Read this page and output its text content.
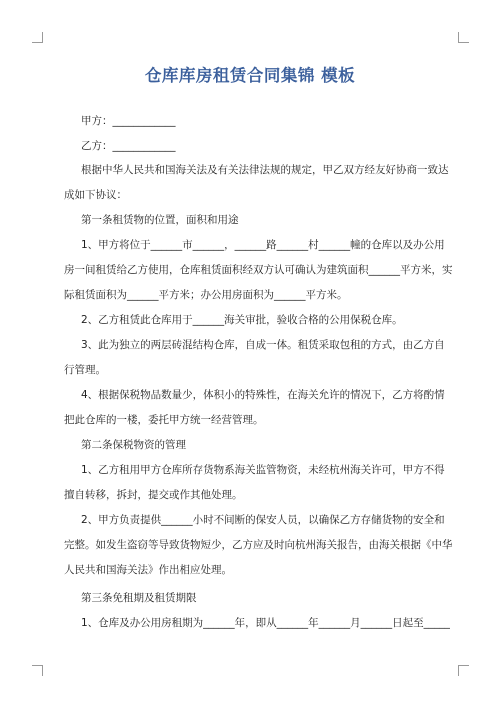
仓库库房租赁合同集锦 模板
甲方：____________
乙方：____________
根据中华人民共和国海关法及有关法律法规的规定，甲乙双方经友好协商一致达
成如下协议：
第一条租赁物的位置，面积和用途
1、甲方将位于______市______，______路______村______幢的仓库以及办公用
房一间租赁给乙方使用，仓库租赁面积经双方认可确认为建筑面积______平方米，实
际租赁面积为______平方米；办公用房面积为______平方米。
2、乙方租赁此仓库用于______海关审批，验收合格的公用保税仓库。
3、此为独立的两层砖混结构仓库，自成一体。租赁采取包租的方式，由乙方自
行管理。
4、根据保税物品数量少，体积小的特殊性，在海关允许的情况下，乙方将酌情
把此仓库的一楼，委托甲方统一经营管理。
第二条保税物资的管理
1、乙方租用甲方仓库所存货物系海关监管物资，未经杭州海关许可，甲方不得
擅自转移，拆封，提交或作其他处理。
2、甲方负责提供______小时不间断的保安人员，以确保乙方存储货物的安全和
完整。如发生盗窃等导致货物短少，乙方应及时向杭州海关报告，由海关根据《中华
人民共和国海关法》作出相应处理。
第三条免租期及租赁期限
1、仓库及办公用房租期为______年，即从______年______月______日起至_____
